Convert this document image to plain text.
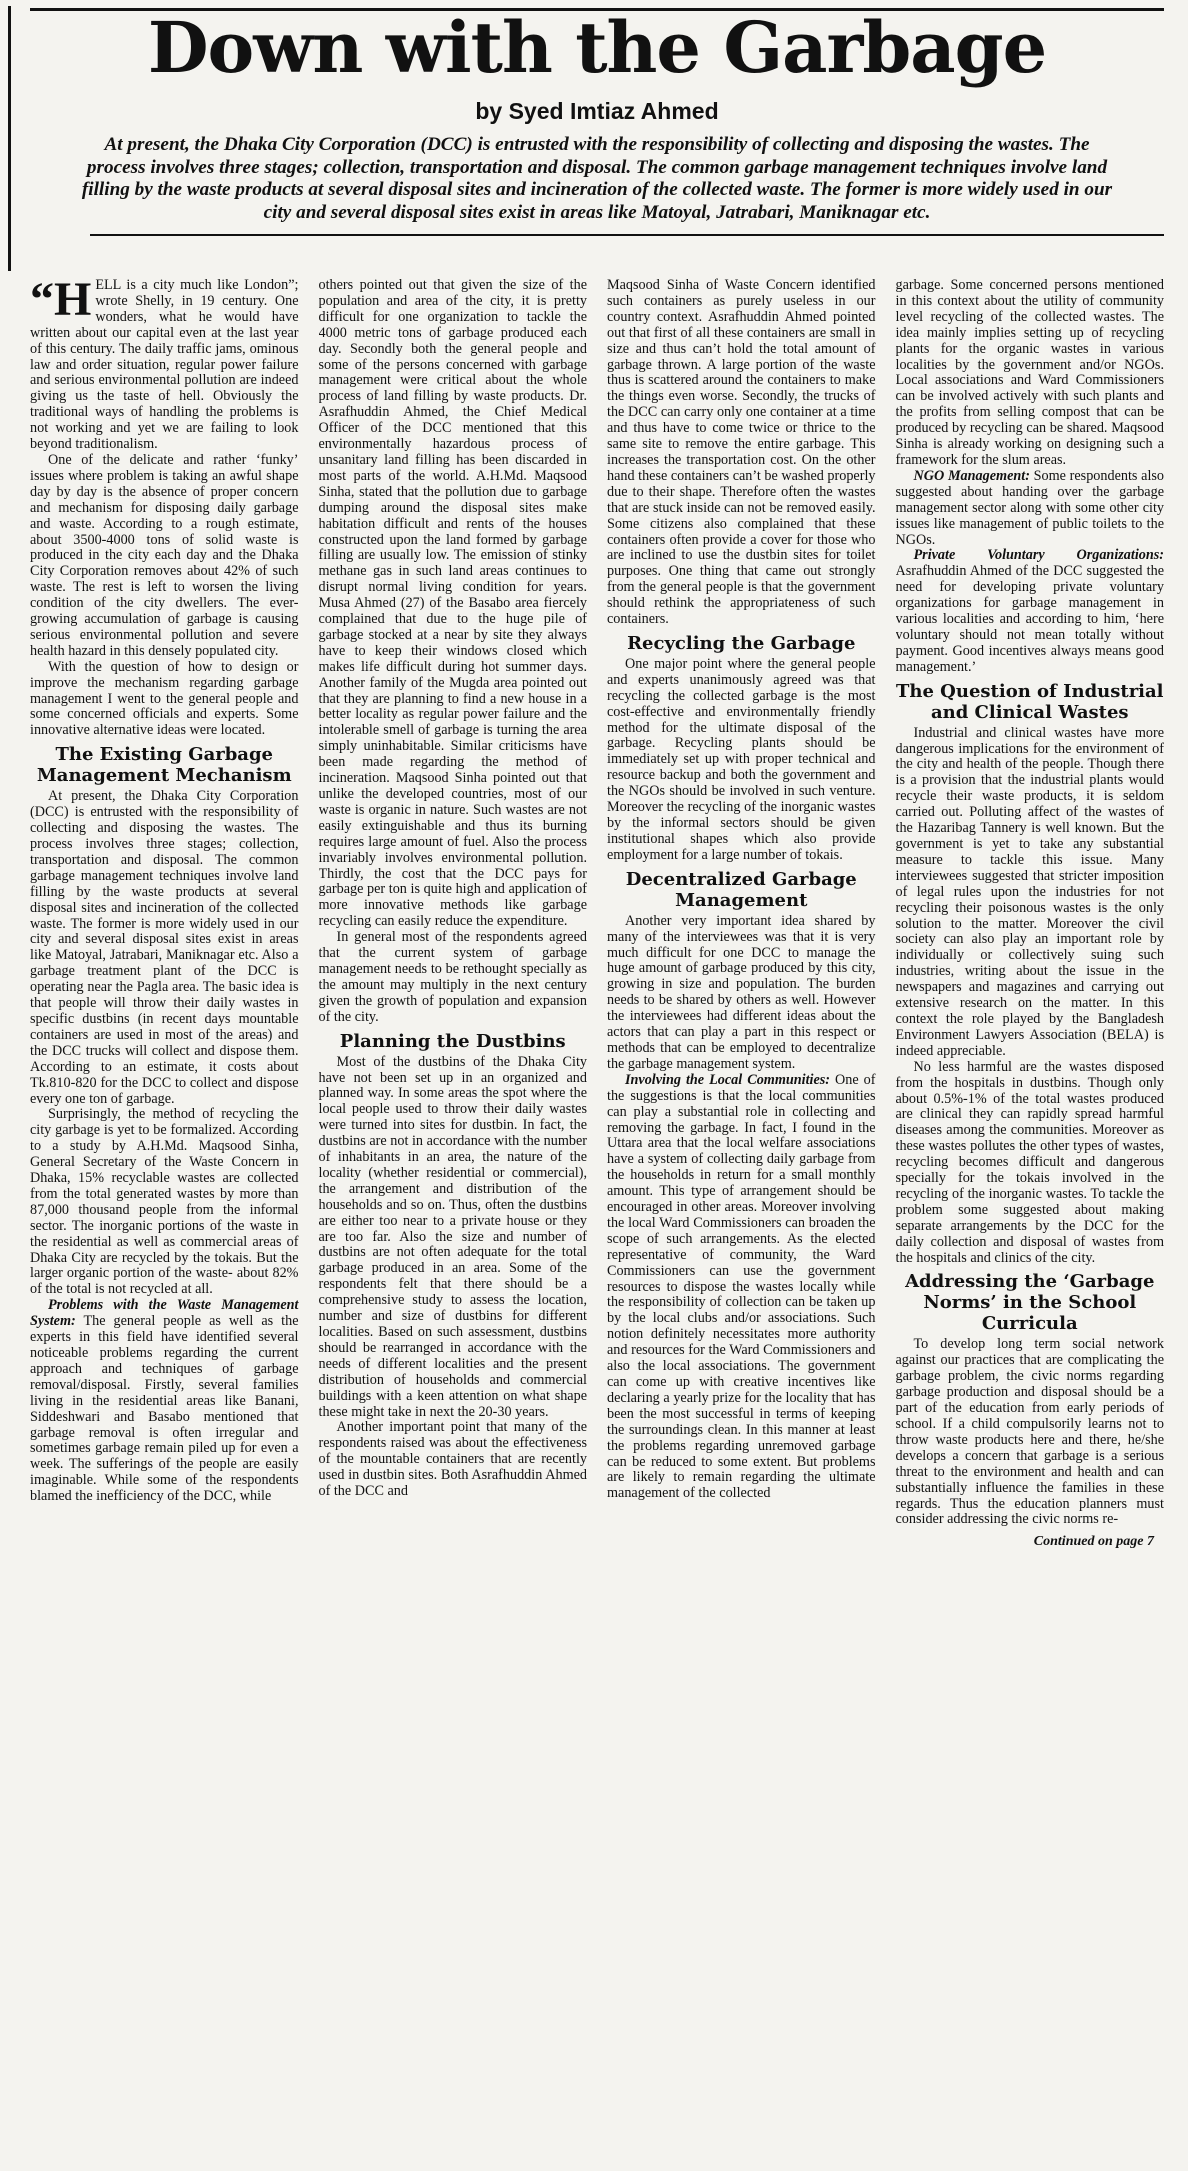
Down with the Garbage
by Syed Imtiaz Ahmed

At present, the Dhaka City Corporation (DCC) is entrusted with the responsibility of collecting and disposing the wastes. The process involves three stages; collection, transportation and disposal. The common garbage management techniques involve land filling by the waste products at several disposal sites and incineration of the collected waste. The former is more widely used in our city and several disposal sites exist in areas like Matoyal, Jatrabari, Maniknagar etc.

“HELL is a city much like London”; wrote Shelly, in 19 century. One wonders, what he would have written about our capital even at the last year of this century. The daily traffic jams, ominous law and order situation, regular power failure and serious environmental pollution are indeed giving us the taste of hell. Obviously the traditional ways of handling the problems is not working and yet we are failing to look beyond traditionalism.

One of the delicate and rather ‘funky’ issues where problem is taking an awful shape day by day is the absence of proper concern and mechanism for disposing daily garbage and waste. According to a rough estimate, about 3500-4000 tons of solid waste is produced in the city each day and the Dhaka City Corporation removes about 42% of such waste. The rest is left to worsen the living condition of the city dwellers. The ever-growing accumulation of garbage is causing serious environmental pollution and severe health hazard in this densely populated city.

With the question of how to design or improve the mechanism regarding garbage management I went to the general people and some concerned officials and experts. Some innovative alternative ideas were located.

The Existing Garbage Management Mechanism

At present, the Dhaka City Corporation (DCC) is entrusted with the responsibility of collecting and disposing the wastes. The process involves three stages; collection, transportation and disposal. The common garbage management techniques involve land filling by the waste products at several disposal sites and incineration of the collected waste. The former is more widely used in our city and several disposal sites exist in areas like Matoyal, Jatrabari, Maniknagar etc. Also a garbage treatment plant of the DCC is operating near the Pagla area. The basic idea is that people will throw their daily wastes in specific dustbins (in recent days mountable containers are used in most of the areas) and the DCC trucks will collect and dispose them. According to an estimate, it costs about Tk.810-820 for the DCC to collect and dispose every one ton of garbage.

Surprisingly, the method of recycling the city garbage is yet to be formalized. According to a study by A.H.Md. Maqsood Sinha, General Secretary of the Waste Concern in Dhaka, 15% recyclable wastes are collected from the total generated wastes by more than 87,000 thousand people from the informal sector. The inorganic portions of the waste in the residential as well as commercial areas of Dhaka City are recycled by the tokais. But the larger organic portion of the waste- about 82% of the total is not recycled at all.

Problems with the Waste Management System: The general people as well as the experts in this field have identified several noticeable problems regarding the current approach and techniques of garbage removal/disposal. Firstly, several families living in the residential areas like Banani, Siddeshwari and Basabo mentioned that garbage removal is often irregular and sometimes garbage remain piled up for even a week. The sufferings of the people are easily imaginable. While some of the respondents blamed the inefficiency of the DCC, while

others pointed out that given the size of the population and area of the city, it is pretty difficult for one organization to tackle the 4000 metric tons of garbage produced each day. Secondly both the general people and some of the persons concerned with garbage management were critical about the whole process of land filling by waste products. Dr. Asrafhuddin Ahmed, the Chief Medical Officer of the DCC mentioned that this environmentally hazardous process of unsanitary land filling has been discarded in most parts of the world. A.H.Md. Maqsood Sinha, stated that the pollution due to garbage dumping around the disposal sites make habitation difficult and rents of the houses constructed upon the land formed by garbage filling are usually low. The emission of stinky methane gas in such land areas continues to disrupt normal living condition for years. Musa Ahmed (27) of the Basabo area fiercely complained that due to the huge pile of garbage stocked at a near by site they always have to keep their windows closed which makes life difficult during hot summer days. Another family of the Mugda area pointed out that they are planning to find a new house in a better locality as regular power failure and the intolerable smell of garbage is turning the area simply uninhabitable. Similar criticisms have been made regarding the method of incineration. Maqsood Sinha pointed out that unlike the developed countries, most of our waste is organic in nature. Such wastes are not easily extinguishable and thus its burning requires large amount of fuel. Also the process invariably involves environmental pollution. Thirdly, the cost that the DCC pays for garbage per ton is quite high and application of more innovative methods like garbage recycling can easily reduce the expenditure.

In general most of the respondents agreed that the current system of garbage management needs to be rethought specially as the amount may multiply in the next century given the growth of population and expansion of the city.

Planning the Dustbins

Most of the dustbins of the Dhaka City have not been set up in an organized and planned way. In some areas the spot where the local people used to throw their daily wastes were turned into sites for dustbin. In fact, the dustbins are not in accordance with the number of inhabitants in an area, the nature of the locality (whether residential or commercial), the arrangement and distribution of the households and so on. Thus, often the dustbins are either too near to a private house or they are too far. Also the size and number of dustbins are not often adequate for the total garbage produced in an area. Some of the respondents felt that there should be a comprehensive study to assess the location, number and size of dustbins for different localities. Based on such assessment, dustbins should be rearranged in accordance with the needs of different localities and the present distribution of households and commercial buildings with a keen attention on what shape these might take in next the 20-30 years.

Another important point that many of the respondents raised was about the effectiveness of the mountable containers that are recently used in dustbin sites. Both Asrafhuddin Ahmed of the DCC and

Maqsood Sinha of Waste Concern identified such containers as purely useless in our country context. Asrafhuddin Ahmed pointed out that first of all these containers are small in size and thus can’t hold the total amount of garbage thrown. A large portion of the waste thus is scattered around the containers to make the things even worse. Secondly, the trucks of the DCC can carry only one container at a time and thus have to come twice or thrice to the same site to remove the entire garbage. This increases the transportation cost. On the other hand these containers can’t be washed properly due to their shape. Therefore often the wastes that are stuck inside can not be removed easily. Some citizens also complained that these containers often provide a cover for those who are inclined to use the dustbin sites for toilet purposes. One thing that came out strongly from the general people is that the government should rethink the appropriateness of such containers.

Recycling the Garbage

One major point where the general people and experts unanimously agreed was that recycling the collected garbage is the most cost-effective and environmentally friendly method for the ultimate disposal of the garbage. Recycling plants should be immediately set up with proper technical and resource backup and both the government and the NGOs should be involved in such venture. Moreover the recycling of the inorganic wastes by the informal sectors should be given institutional shapes which also provide employment for a large number of tokais.

Decentralized Garbage Management

Another very important idea shared by many of the interviewees was that it is very much difficult for one DCC to manage the huge amount of garbage produced by this city, growing in size and population. The burden needs to be shared by others as well. However the interviewees had different ideas about the actors that can play a part in this respect or methods that can be employed to decentralize the garbage management system.

Involving the Local Communities: One of the suggestions is that the local communities can play a substantial role in collecting and removing the garbage. In fact, I found in the Uttara area that the local welfare associations have a system of collecting daily garbage from the households in return for a small monthly amount. This type of arrangement should be encouraged in other areas. Moreover involving the local Ward Commissioners can broaden the scope of such arrangements. As the elected representative of community, the Ward Commissioners can use the government resources to dispose the wastes locally while the responsibility of collection can be taken up by the local clubs and/or associations. Such notion definitely necessitates more authority and resources for the Ward Commissioners and also the local associations. The government can come up with creative incentives like declaring a yearly prize for the locality that has been the most successful in terms of keeping the surroundings clean. In this manner at least the problems regarding unremoved garbage can be reduced to some extent. But problems are likely to remain regarding the ultimate management of the collected

garbage. Some concerned persons mentioned in this context about the utility of community level recycling of the collected wastes. The idea mainly implies setting up of recycling plants for the organic wastes in various localities by the government and/or NGOs. Local associations and Ward Commissioners can be involved actively with such plants and the profits from selling compost that can be produced by recycling can be shared. Maqsood Sinha is already working on designing such a framework for the slum areas.

NGO Management: Some respondents also suggested about handing over the garbage management sector along with some other city issues like management of public toilets to the NGOs.

Private Voluntary Organizations: Asrafhuddin Ahmed of the DCC suggested the need for developing private voluntary organizations for garbage management in various localities and according to him, ‘here voluntary should not mean totally without payment. Good incentives always means good management.’

The Question of Industrial and Clinical Wastes

Industrial and clinical wastes have more dangerous implications for the environment of the city and health of the people. Though there is a provision that the industrial plants would recycle their waste products, it is seldom carried out. Polluting affect of the wastes of the Hazaribag Tannery is well known. But the government is yet to take any substantial measure to tackle this issue. Many interviewees suggested that stricter imposition of legal rules upon the industries for not recycling their poisonous wastes is the only solution to the matter. Moreover the civil society can also play an important role by individually or collectively suing such industries, writing about the issue in the newspapers and magazines and carrying out extensive research on the matter. In this context the role played by the Bangladesh Environment Lawyers Association (BELA) is indeed appreciable.

No less harmful are the wastes disposed from the hospitals in dustbins. Though only about 0.5%-1% of the total wastes produced are clinical they can rapidly spread harmful diseases among the communities. Moreover as these wastes pollutes the other types of wastes, recycling becomes difficult and dangerous specially for the tokais involved in the recycling of the inorganic wastes. To tackle the problem some suggested about making separate arrangements by the DCC for the daily collection and disposal of wastes from the hospitals and clinics of the city.

Addressing the ‘Garbage Norms’ in the School Curricula

To develop long term social network against our practices that are complicating the garbage problem, the civic norms regarding garbage production and disposal should be a part of the education from early periods of school. If a child compulsorily learns not to throw waste products here and there, he/she develops a concern that garbage is a serious threat to the environment and health and can substantially influence the families in these regards. Thus the education planners must consider addressing the civic norms re-

Continued on page 7
